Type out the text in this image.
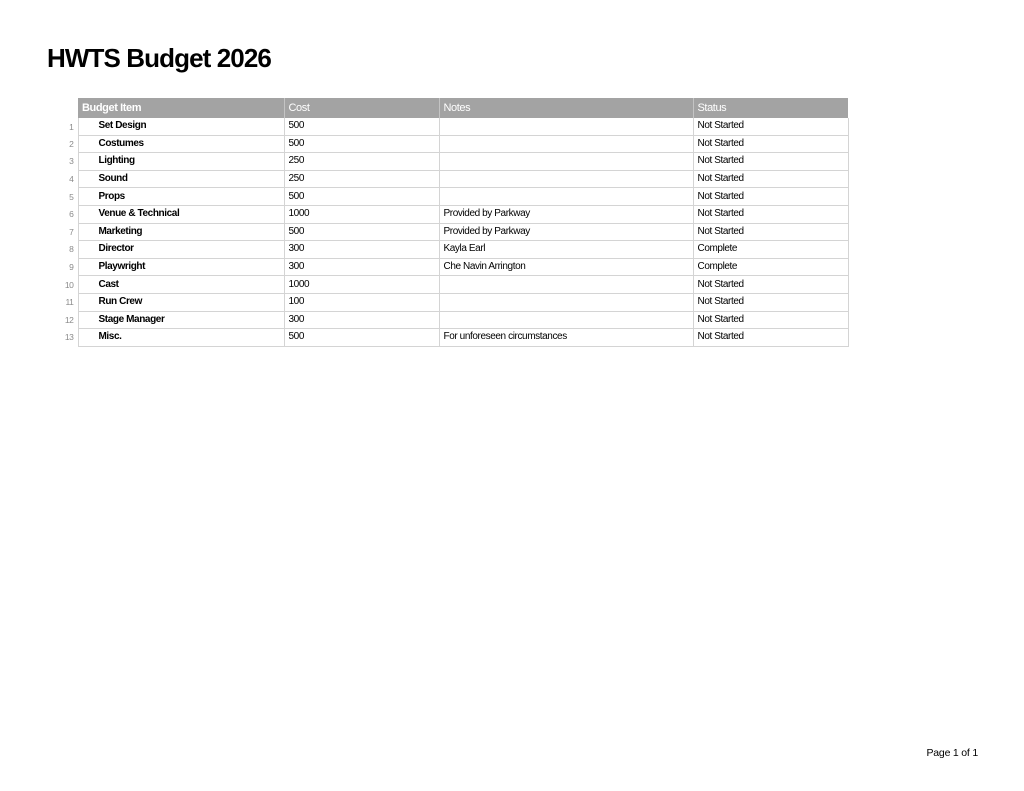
HWTS Budget 2026
	Budget Item	Cost	Notes	Status
1	Set Design	500		Not Started
2	Costumes	500		Not Started
3	Lighting	250		Not Started
4	Sound	250		Not Started
5	Props	500		Not Started
6	Venue & Technical	1000	Provided by Parkway	Not Started
7	Marketing	500	Provided by Parkway	Not Started
8	Director	300	Kayla Earl	Complete
9	Playwright	300	Che Navin Arrington	Complete
10	Cast	1000		Not Started
11	Run Crew	100		Not Started
12	Stage Manager	300		Not Started
13	Misc.	500	For unforeseen circumstances	Not Started
Page 1 of 1
